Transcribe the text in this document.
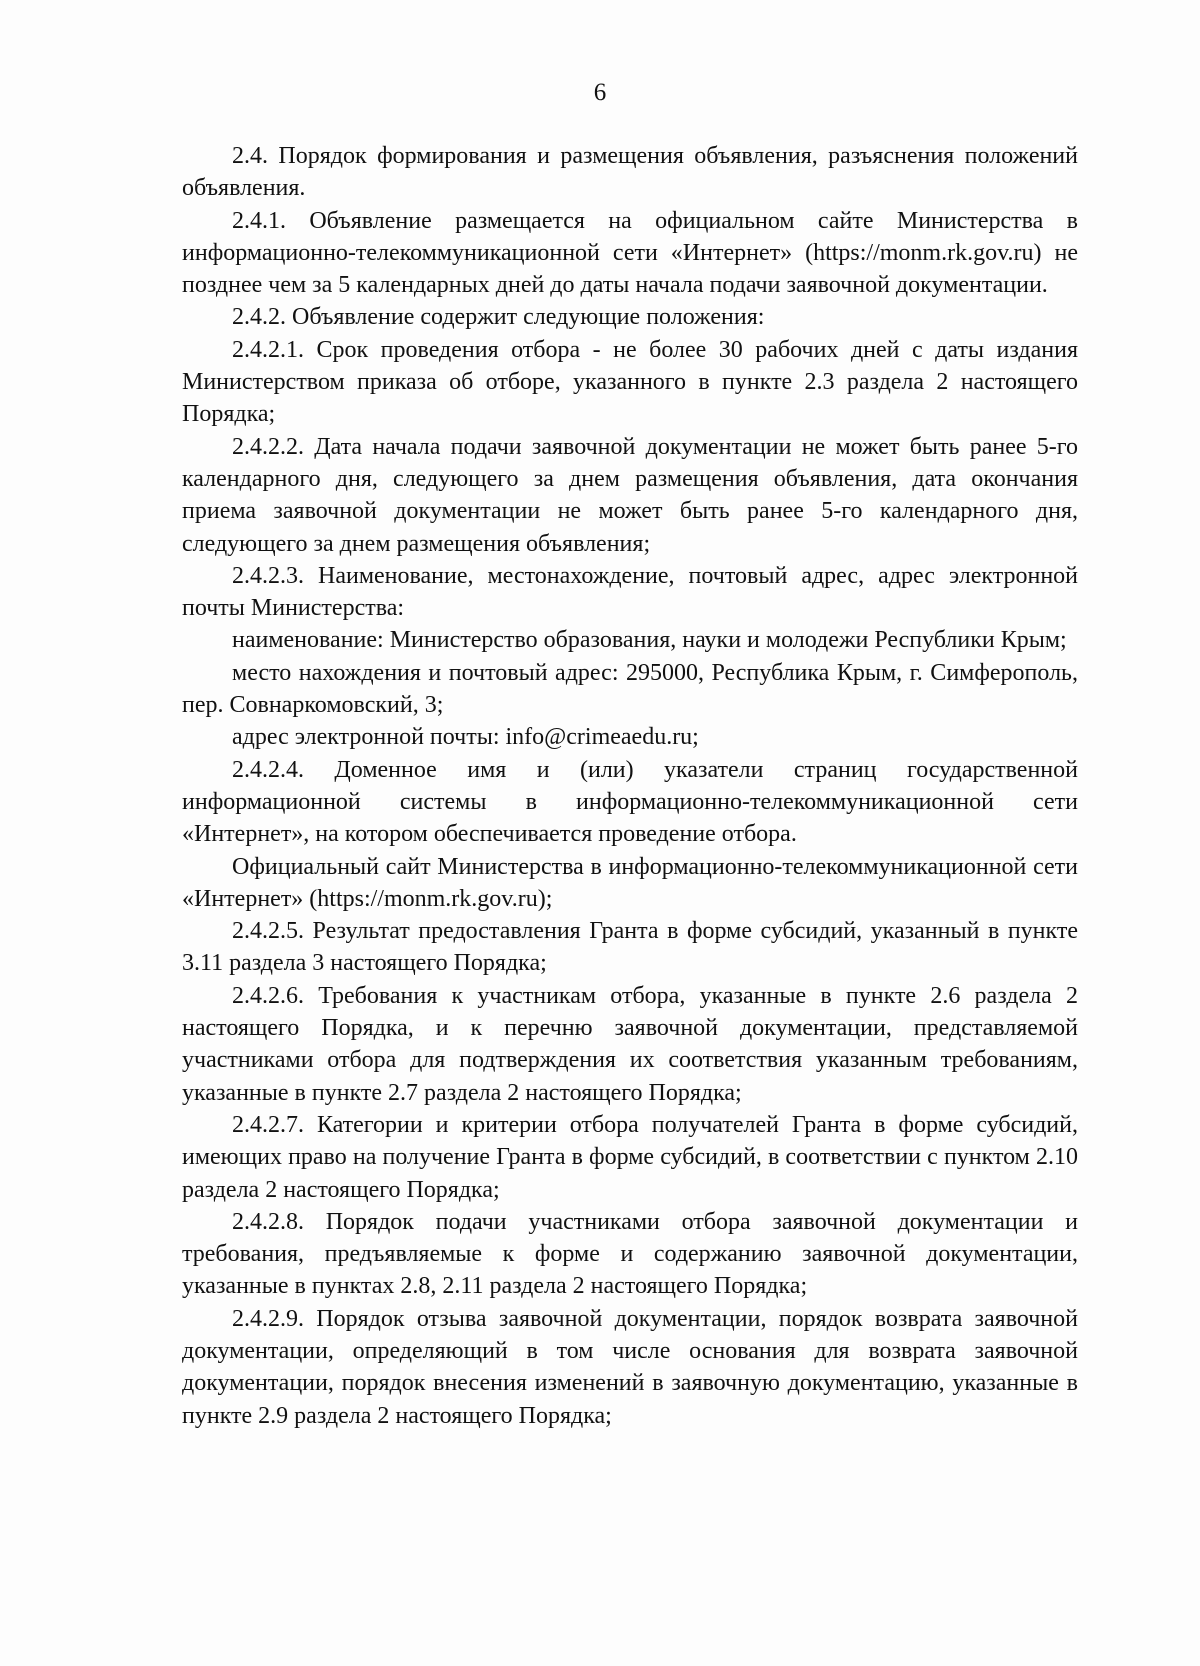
6

2.4. Порядок формирования и размещения объявления, разъяснения положений объявления.

2.4.1. Объявление размещается на официальном сайте Министерства в информационно-телекоммуникационной сети «Интернет» (https://monm.rk.gov.ru) не позднее чем за 5 календарных дней до даты начала подачи заявочной документации.

2.4.2. Объявление содержит следующие положения:

2.4.2.1. Срок проведения отбора - не более 30 рабочих дней с даты издания Министерством приказа об отборе, указанного в пункте 2.3 раздела 2 настоящего Порядка;

2.4.2.2. Дата начала подачи заявочной документации не может быть ранее 5-го календарного дня, следующего за днем размещения объявления, дата окончания приема заявочной документации не может быть ранее 5-го календарного дня, следующего за днем размещения объявления;

2.4.2.3. Наименование, местонахождение, почтовый адрес, адрес электронной почты Министерства:

наименование: Министерство образования, науки и молодежи Республики Крым;

место нахождения и почтовый адрес: 295000, Республика Крым, г. Симферополь, пер. Совнаркомовский, 3;

адрес электронной почты: info@crimeaedu.ru;

2.4.2.4. Доменное имя и (или) указатели страниц государственной информационной системы в информационно-телекоммуникационной сети «Интернет», на котором обеспечивается проведение отбора.

Официальный сайт Министерства в информационно-телекоммуникационной сети «Интернет» (https://monm.rk.gov.ru);

2.4.2.5. Результат предоставления Гранта в форме субсидий, указанный в пункте 3.11 раздела 3 настоящего Порядка;

2.4.2.6. Требования к участникам отбора, указанные в пункте 2.6 раздела 2 настоящего Порядка, и к перечню заявочной документации, представляемой участниками отбора для подтверждения их соответствия указанным требованиям, указанные в пункте 2.7 раздела 2 настоящего Порядка;

2.4.2.7. Категории и критерии отбора получателей Гранта в форме субсидий, имеющих право на получение Гранта в форме субсидий, в соответствии с пунктом 2.10 раздела 2 настоящего Порядка;

2.4.2.8. Порядок подачи участниками отбора заявочной документации и требования, предъявляемые к форме и содержанию заявочной документации, указанные в пунктах 2.8, 2.11 раздела 2 настоящего Порядка;

2.4.2.9. Порядок отзыва заявочной документации, порядок возврата заявочной документации, определяющий в том числе основания для возврата заявочной документации, порядок внесения изменений в заявочную документацию, указанные в пункте 2.9 раздела 2 настоящего Порядка;
